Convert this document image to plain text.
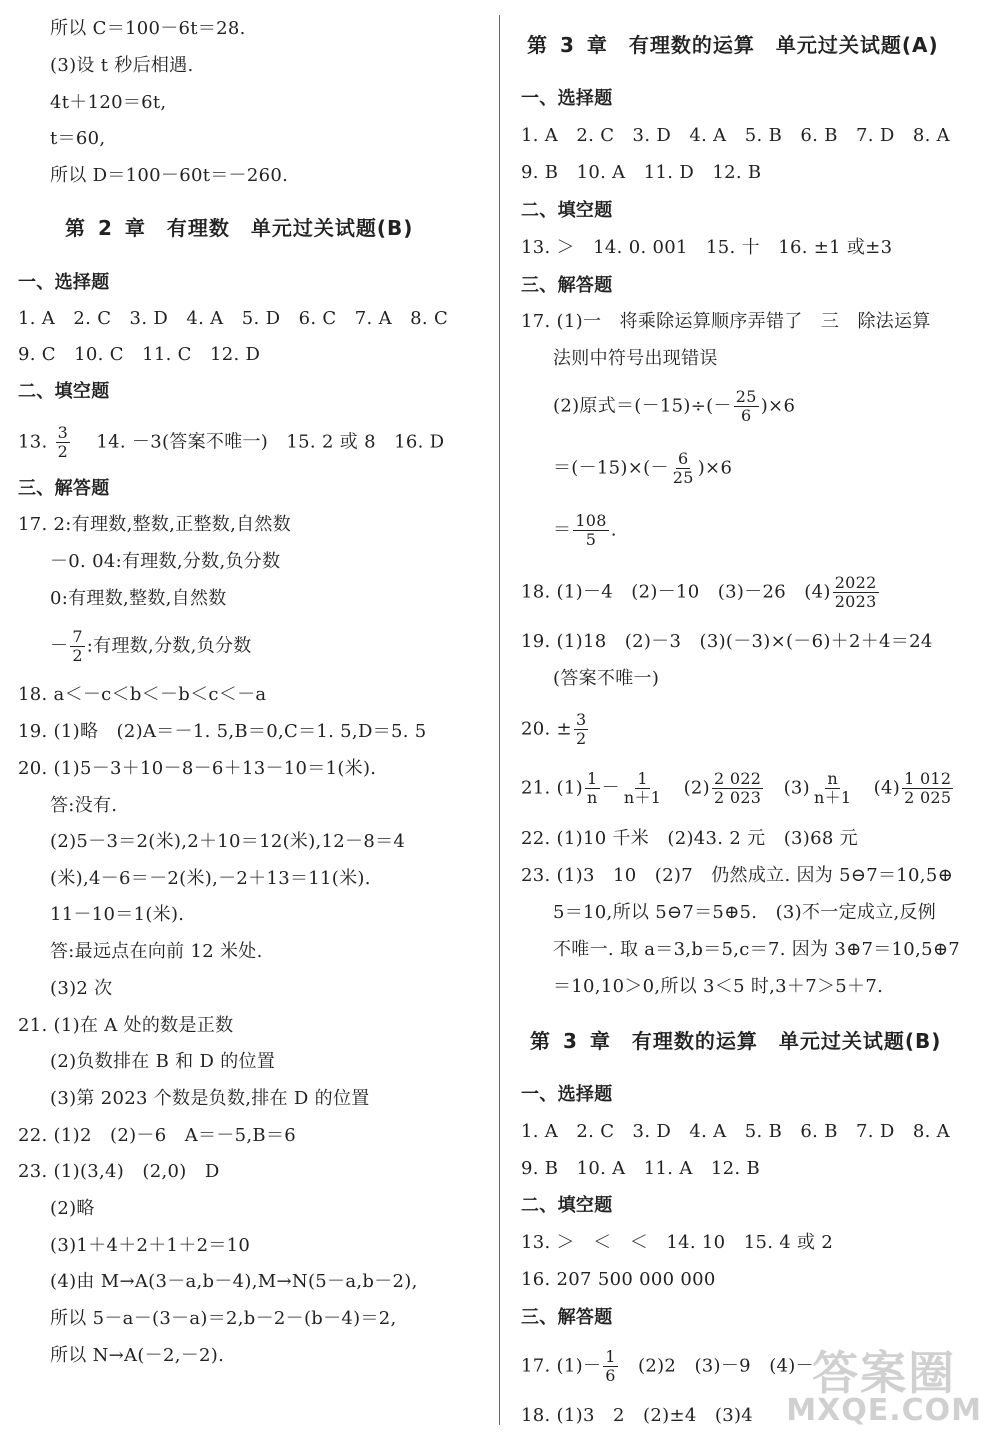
所以 C＝100－6t＝28.
(3)设 t 秒后相遇.
4t＋120＝6t,
t＝60,
所以 D＝100－60t＝－260.
第 2 章　有理数　单元过关试题(B)
一、选择题
1. A　2. C　3. D　4. A　5. D　6. C　7. A　8. C
9. C　10. C　11. C　12. D
二、填空题
13. $\frac{3}{2}$ 　14. －3(答案不唯一)　15. 2 或 8　16. D
三、解答题
17. 2:有理数,整数,正整数,自然数
－0. 04:有理数,分数,负分数
0:有理数,整数,自然数
－ $\frac{7}{2}$ :有理数,分数,负分数
18. a＜－c＜b＜－b＜c＜－a
19. (1)略　(2)A＝－1. 5,B＝0,C＝1. 5,D＝5. 5
20. (1)5－3＋10－8－6＋13－10＝1(米).
答:没有.
(2)5－3＝2(米),2＋10＝12(米),12－8＝4
(米),4－6＝－2(米),－2＋13＝11(米).
11－10＝1(米).
答:最远点在向前 12 米处.
(3)2 次
21. (1)在 A 处的数是正数
(2)负数排在 B 和 D 的位置
(3)第 2023 个数是负数,排在 D 的位置
22. (1)2　(2)－6　A＝－5,B＝6
23. (1)(3,4)　(2,0)　D
(2)略
(3)1＋4＋2＋1＋2＝10
(4)由 M→A(3－a,b－4),M→N(5－a,b－2),
所以 5－a－(3－a)＝2,b－2－(b－4)＝2,
所以 N→A(－2,－2).
第 3 章　有理数的运算　单元过关试题(A)
一、选择题
1. A　2. C　3. D　4. A　5. B　6. B　7. D　8. A
9. B　10. A　11. D　12. B
二、填空题
13. ＞　14. 0. 001　15. 十　16. ±1 或±3
三、解答题
17. (1)一　将乘除运算顺序弄错了　三　除法运算
法则中符号出现错误
(2)原式$=(-15)\div(- \frac{25}{6} )\times 6$
$=(-15)\times(- \frac{6}{25} )\times 6$
＝ $\frac{108}{5}$ .
18. (1)－4　(2)－10　(3)－26　$(4) \frac{2022}{2023}$
19. (1)18　(2)－3　(3)(－3)×(－6)＋2＋4＝24
(答案不唯一)
20. ± $\frac{3}{2}$
21. $(1) \frac{1}{n} - \frac{1}{n+1}$ 　$(2) \frac{2 022}{2 023}$ 　$(3) \frac{n}{n+1}$ 　$(4) \frac{1 012}{2 025}$
22. (1)10 千米　(2)43. 2 元　(3)68 元
23. (1)3　10　(2)7　仍然成立. 因为 5⊖7＝10,5⊕
5＝10,所以 5⊖7＝5⊕5.　(3)不一定成立,反例
不唯一. 取 a＝3,b＝5,c＝7. 因为 3⊕7＝10,5⊕7
＝10,10＞0,所以 3＜5 时,3＋7＞5＋7.
第 3 章　有理数的运算　单元过关试题(B)
一、选择题
1. A　2. C　3. D　4. A　5. B　6. B　7. D　8. A
9. B　10. A　11. A　12. B
二、填空题
13. ＞　＜　＜　14. 10　15. 4 或 2
16. 207 500 000 000
三、解答题
17. $(1)- \frac{1}{6}$ 　(2)2　(3)－9　(4)－
18. (1)3　2　(2)±4　(3)4
答案圈
MXQE.COM
